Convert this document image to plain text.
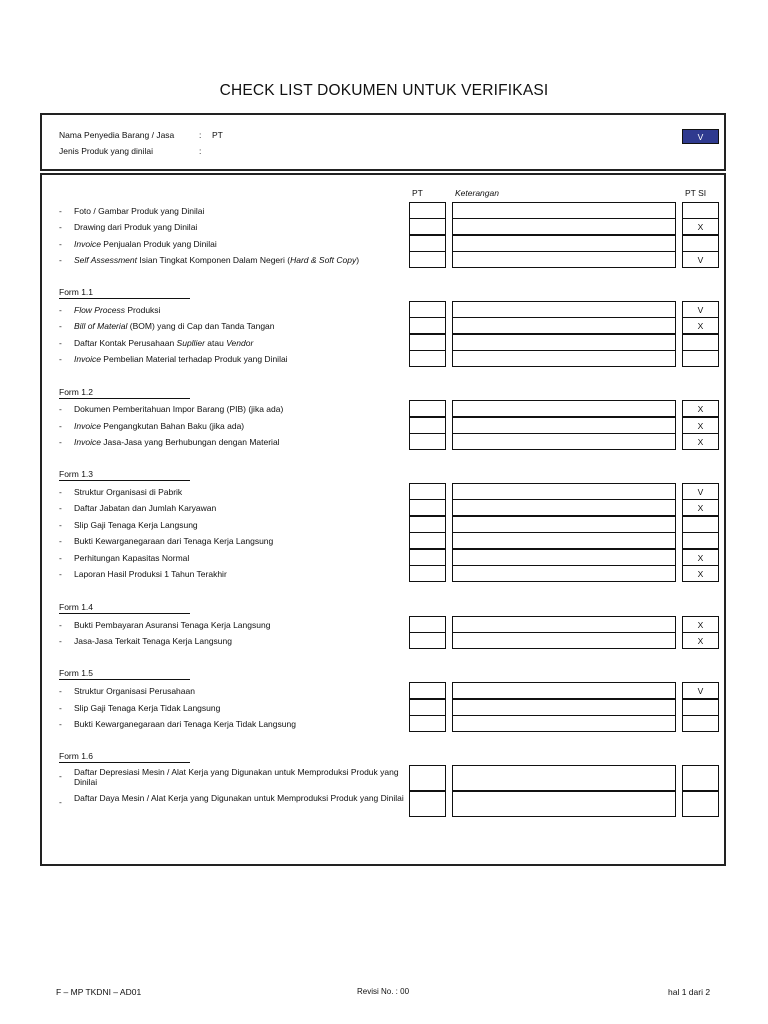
CHECK LIST DOKUMEN UNTUK VERIFIKASI
Nama Penyedia Barang / Jasa	: PT
Jenis Produk yang dinilai	:
V
PT	Keterangan	PT SI
- Foto / Gambar Produk yang Dinilai
- Drawing dari Produk yang Dinilai	X
- Invoice Penjualan Produk yang Dinilai
- Self Assessment Isian Tingkat Komponen Dalam Negeri (Hard & Soft Copy)	V
Form 1.1
- Flow Process Produksi	V
- Bill of Material (BOM) yang di Cap dan Tanda Tangan	X
- Daftar Kontak Perusahaan Supllier atau Vendor
- Invoice Pembelian Material terhadap Produk yang Dinilai
Form 1.2
- Dokumen Pemberitahuan Impor Barang (PIB) (jika ada)	X
- Invoice Pengangkutan Bahan Baku (jika ada)	X
- Invoice Jasa-Jasa yang Berhubungan dengan Material	X
Form 1.3
- Struktur Organisasi di Pabrik	V
- Daftar Jabatan dan Jumlah Karyawan	X
- Slip Gaji Tenaga Kerja Langsung
- Bukti Kewarganegaraan dari Tenaga Kerja Langsung
- Perhitungan Kapasitas Normal	X
- Laporan Hasil Produksi 1 Tahun Terakhir	X
Form 1.4
- Bukti Pembayaran Asuransi Tenaga Kerja Langsung	X
- Jasa-Jasa Terkait Tenaga Kerja Langsung	X
Form 1.5
- Struktur Organisasi Perusahaan	V
- Slip Gaji Tenaga Kerja Tidak Langsung
- Bukti Kewarganegaraan dari Tenaga Kerja Tidak Langsung
Form 1.6
- Daftar Depresiasi Mesin / Alat Kerja yang Digunakan untuk Memproduksi Produk yang Dinilai
- Daftar Daya Mesin / Alat Kerja yang Digunakan untuk Memproduksi Produk yang Dinilai
F – MP TKDNI – AD01	Revisi No. : 00	hal 1 dari 2
